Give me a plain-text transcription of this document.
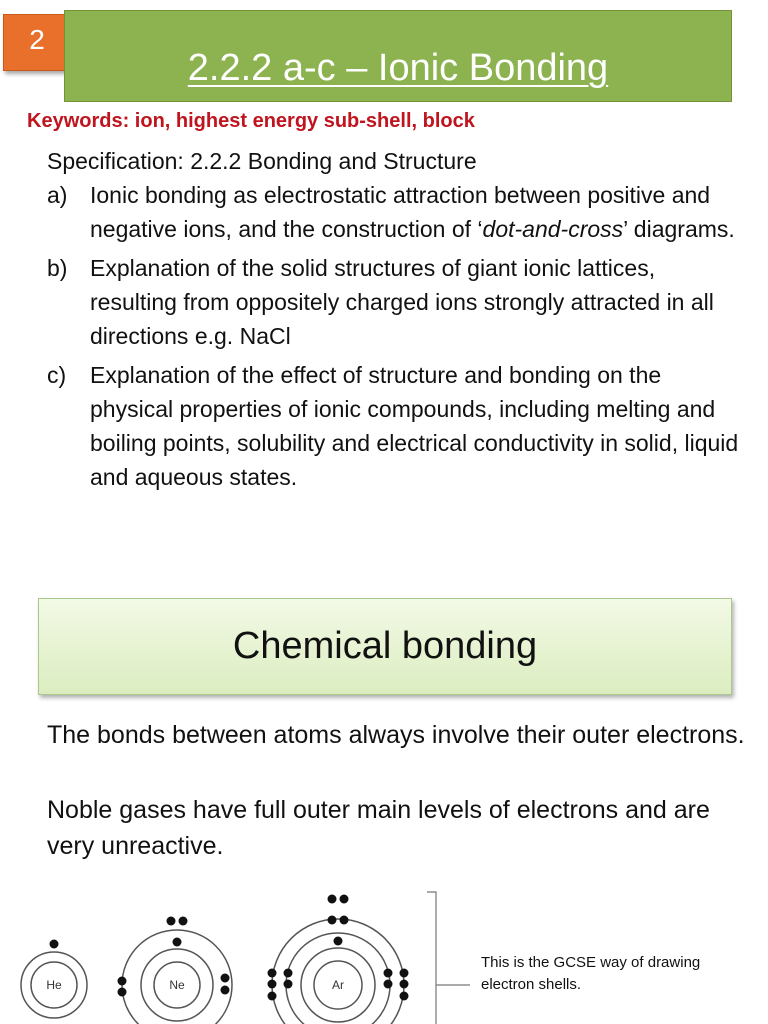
2
2.2.2 a-c – Ionic Bonding
Keywords: ion, highest energy sub-shell, block

Specification: 2.2.2 Bonding and Structure

a) Ionic bonding as electrostatic attraction between positive and negative ions, and the construction of ‘dot-and-cross’ diagrams.
b) Explanation of the solid structures of giant ionic lattices, resulting from oppositely charged ions strongly attracted in all directions e.g. NaCl
c) Explanation of the effect of structure and bonding on the physical properties of ionic compounds, including melting and boiling points, solubility and electrical conductivity in solid, liquid and aqueous states.
Chemical bonding

The bonds between atoms always involve their outer electrons.

Noble gases have full outer main levels of electrons and are very unreactive.

He	Ne	Ar
This is the GCSE way of drawing electron shells.
